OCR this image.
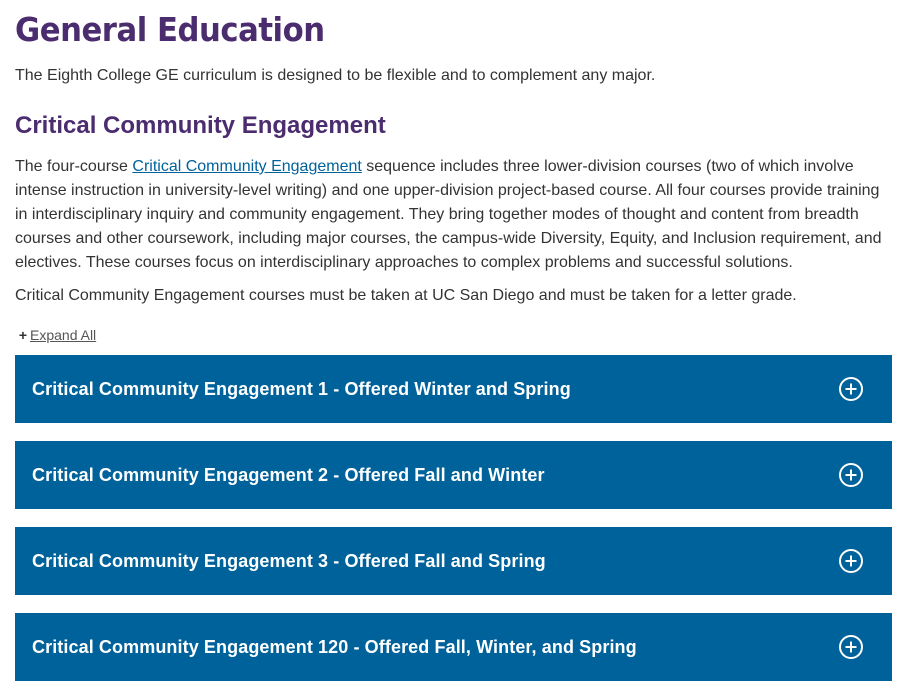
General Education

The Eighth College GE curriculum is designed to be flexible and to complement any major.

Critical Community Engagement

The four-course Critical Community Engagement sequence includes three lower-division courses (two of which involve intense instruction in university-level writing) and one upper-division project-based course. All four courses provide training in interdisciplinary inquiry and community engagement. They bring together modes of thought and content from breadth courses and other coursework, including major courses, the campus-wide Diversity, Equity, and Inclusion requirement, and electives. These courses focus on interdisciplinary approaches to complex problems and successful solutions.

Critical Community Engagement courses must be taken at UC San Diego and must be taken for a letter grade.

+ Expand All
Critical Community Engagement 1 - Offered Winter and Spring
Critical Community Engagement 2 - Offered Fall and Winter
Critical Community Engagement 3 - Offered Fall and Spring
Critical Community Engagement 120 - Offered Fall, Winter, and Spring
